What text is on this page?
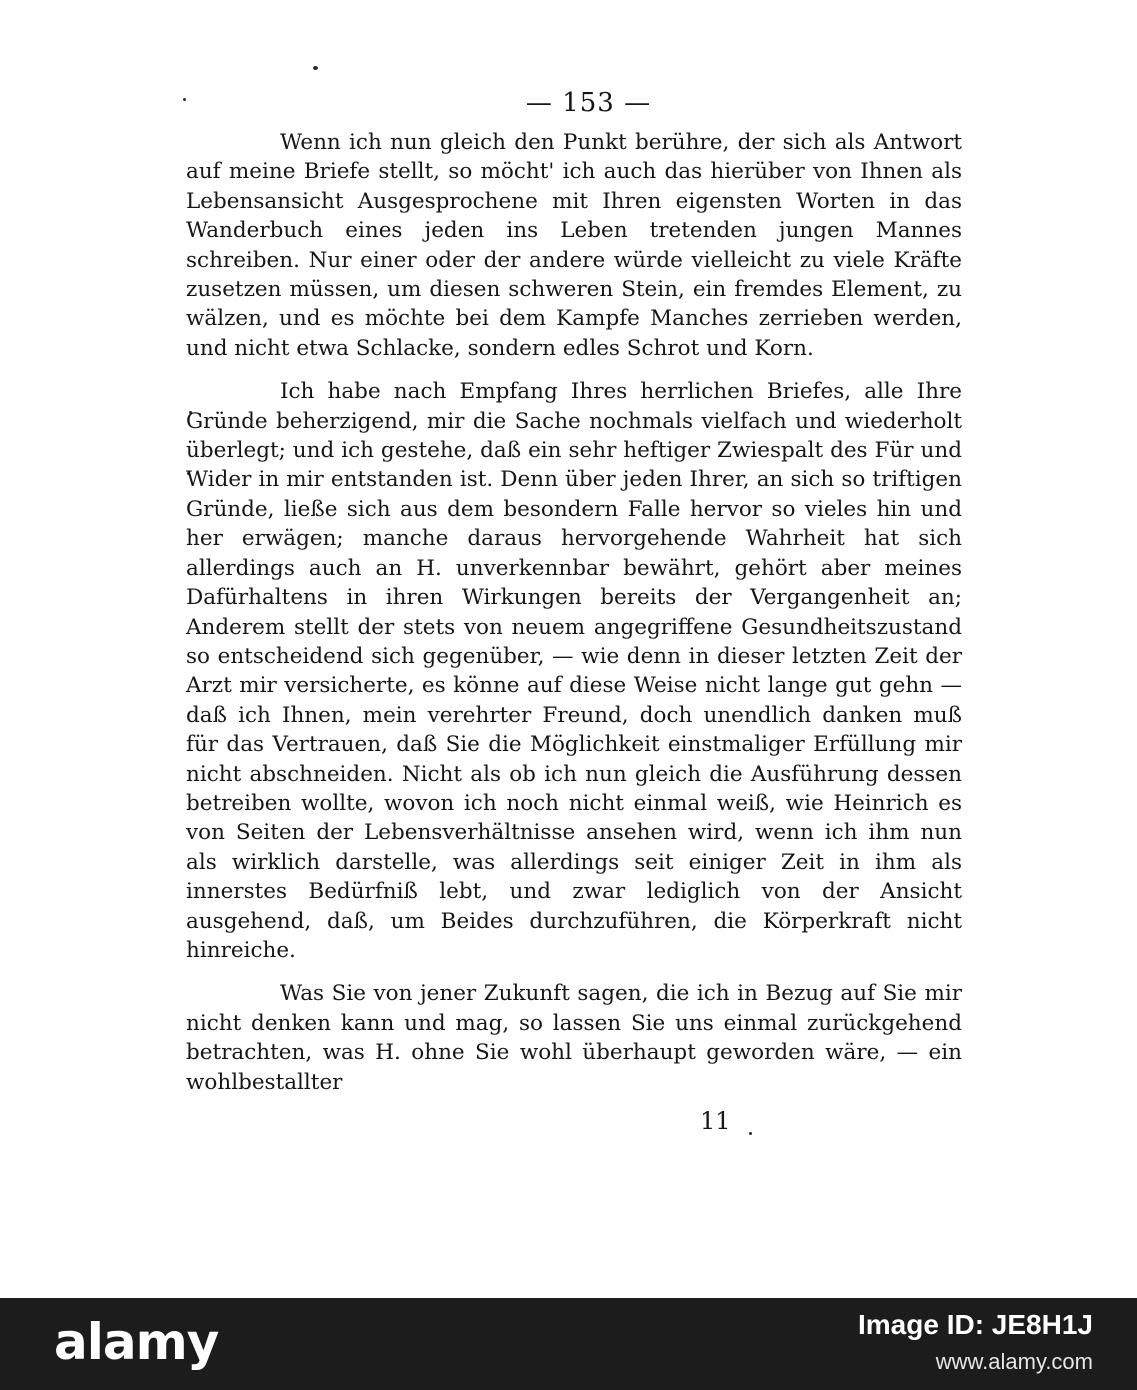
— 153 —

Wenn ich nun gleich den Punkt berühre, der sich als Antwort auf meine Briefe stellt, so möcht' ich auch das hierüber von Ihnen als Lebensansicht Ausgesprochene mit Ihren eigensten Worten in das Wanderbuch eines jeden ins Leben tretenden jungen Mannes schreiben. Nur einer oder der andere würde vielleicht zu viele Kräfte zusetzen müssen, um diesen schweren Stein, ein fremdes Element, zu wälzen, und es möchte bei dem Kampfe Manches zerrieben werden, und nicht etwa Schlacke, sondern edles Schrot und Korn.

Ich habe nach Empfang Ihres herrlichen Briefes, alle Ihre Gründe beherzigend, mir die Sache nochmals vielfach und wiederholt überlegt; und ich gestehe, daß ein sehr heftiger Zwiespalt des Für und Wider in mir entstanden ist. Denn über jeden Ihrer, an sich so triftigen Gründe, ließe sich aus dem besondern Falle hervor so vieles hin und her erwägen; manche daraus hervorgehende Wahrheit hat sich allerdings auch an H. unverkennbar bewährt, gehört aber meines Dafürhaltens in ihren Wirkungen bereits der Vergangenheit an; Anderem stellt der stets von neuem angegriffene Gesundheitszustand so entscheidend sich gegenüber, — wie denn in dieser letzten Zeit der Arzt mir versicherte, es könne auf diese Weise nicht lange gut gehn — daß ich Ihnen, mein verehrter Freund, doch unendlich danken muß für das Vertrauen, daß Sie die Möglichkeit einstmaliger Erfüllung mir nicht abschneiden. Nicht als ob ich nun gleich die Ausführung dessen betreiben wollte, wovon ich noch nicht einmal weiß, wie Heinrich es von Seiten der Lebensverhältnisse ansehen wird, wenn ich ihm nun als wirklich darstelle, was allerdings seit einiger Zeit in ihm als innerstes Bedürfniß lebt, und zwar lediglich von der Ansicht ausgehend, daß, um Beides durchzuführen, die Körperkraft nicht hinreiche.

Was Sie von jener Zukunft sagen, die ich in Bezug auf Sie mir nicht denken kann und mag, so lassen Sie uns einmal zurückgehend betrachten, was H. ohne Sie wohl überhaupt geworden wäre, — ein wohlbestallter

11
alamy	Image ID: JE8H1J
www.alamy.com
